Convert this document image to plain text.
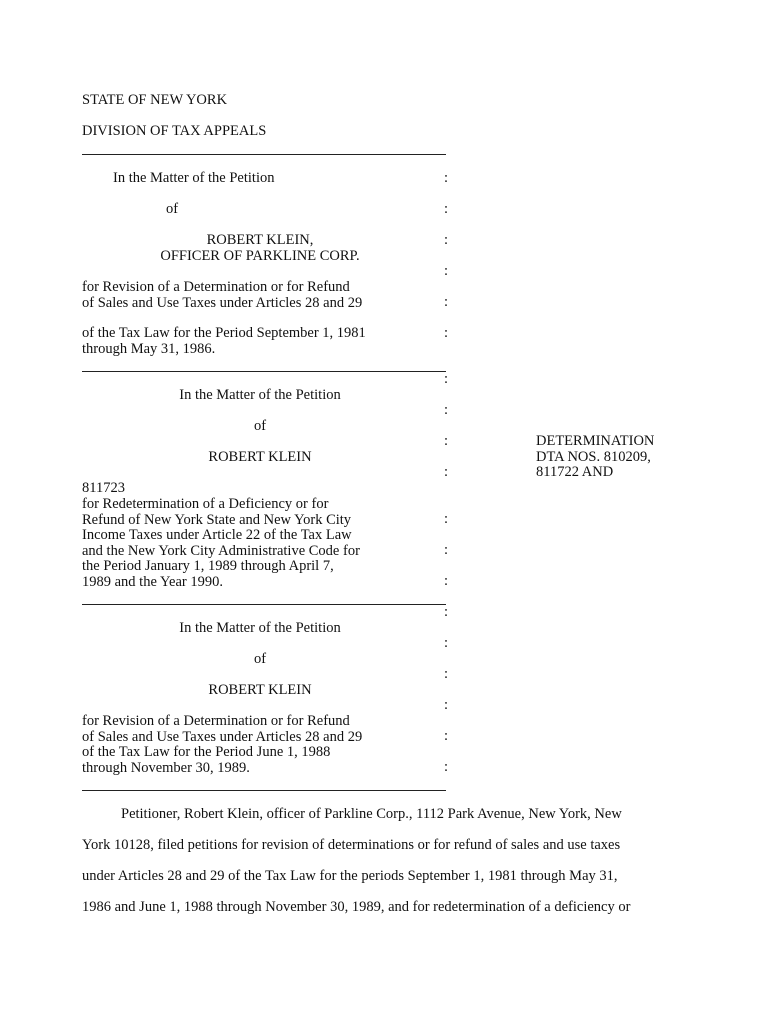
STATE OF NEW YORK
DIVISION OF TAX APPEALS
In the Matter of the Petition
of
ROBERT KLEIN,
OFFICER OF PARKLINE CORP.
for Revision of a Determination or for Refund
of Sales and Use Taxes under Articles 28 and 29
of the Tax Law for the Period September 1, 1981
through May 31, 1986.
In the Matter of the Petition
of
ROBERT KLEIN
811723
for Redetermination of a Deficiency or for
Refund of New York State and New York City
Income Taxes under Article 22 of the Tax Law
and the New York City Administrative Code for
the Period January 1, 1989 through April 7,
1989 and the Year 1990.
In the Matter of the Petition
of
ROBERT KLEIN
for Revision of a Determination or for Refund
of Sales and Use Taxes under Articles 28 and 29
of the Tax Law for the Period June 1, 1988
through November 30, 1989.
:
:
:
:
:
:
:
:
:
:
:
:
:
:
:
:
:
:
:
DETERMINATION
DTA NOS. 810209,
811722 AND
Petitioner, Robert Klein, officer of Parkline Corp., 1112 Park Avenue, New York, New
York 10128, filed petitions for revision of determinations or for refund of sales and use taxes
under Articles 28 and 29 of the Tax Law for the periods September 1, 1981 through May 31,
1986 and June 1, 1988 through November 30, 1989, and for redetermination of a deficiency or
